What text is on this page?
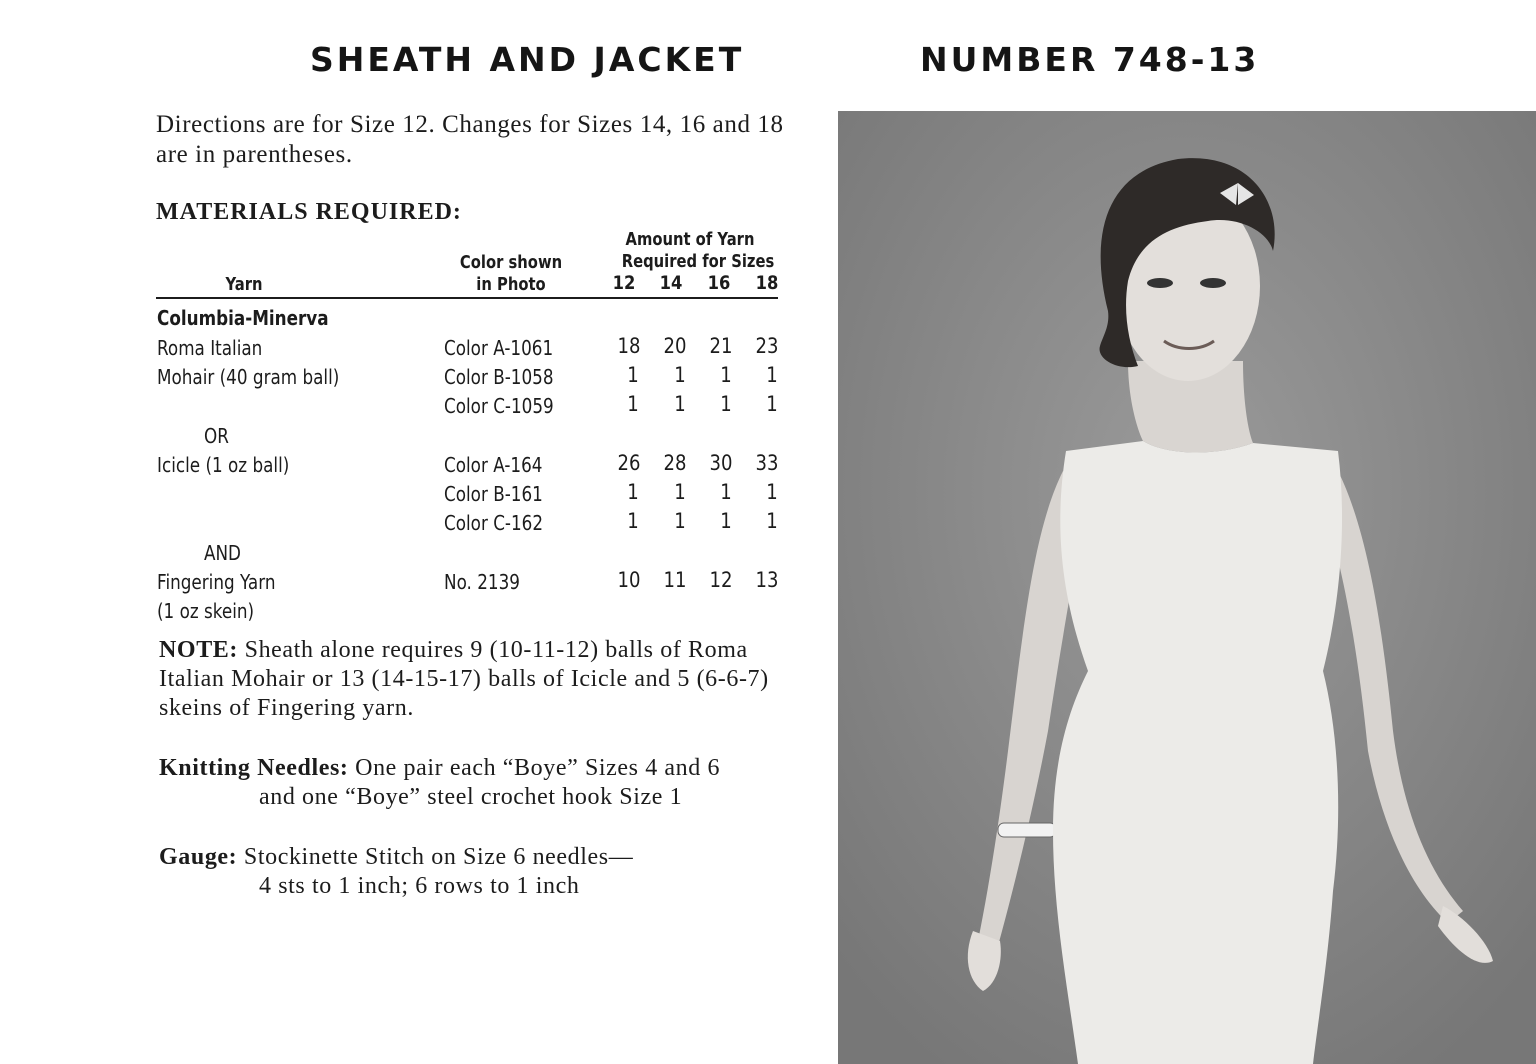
SHEATH AND JACKET	NUMBER 748-13

Directions are for Size 12. Changes for Sizes 14, 16 and 18 are in parentheses.

MATERIALS REQUIRED:
Amount of Yarn
Required for Sizes
Color shown
in Photo
Yarn	12 14 16 18
Columbia-Minerva
Roma Italian	Color A-1061	18 20 21 23
Mohair (40 gram ball)	Color B-1058	1	1	1	1
Color C-1059	1	1	1	1
OR
Icicle (1 oz ball)	Color A-164	26 28 30 33
Color B-161	1	1	1	1
Color C-162	1	1	1	1
AND
Fingering Yarn	No. 2139	10 11 12 13
(1 oz skein)

NOTE: Sheath alone requires 9 (10-11-12) balls of Roma Italian Mohair or 13 (14-15-17) balls of Icicle and 5 (6-6-7) skeins of Fingering yarn.

Knitting Needles: One pair each “Boye” Sizes 4 and 6
and one “Boye” steel crochet hook Size 1

Gauge: Stockinette Stitch on Size 6 needles—
4 sts to 1 inch; 6 rows to 1 inch
